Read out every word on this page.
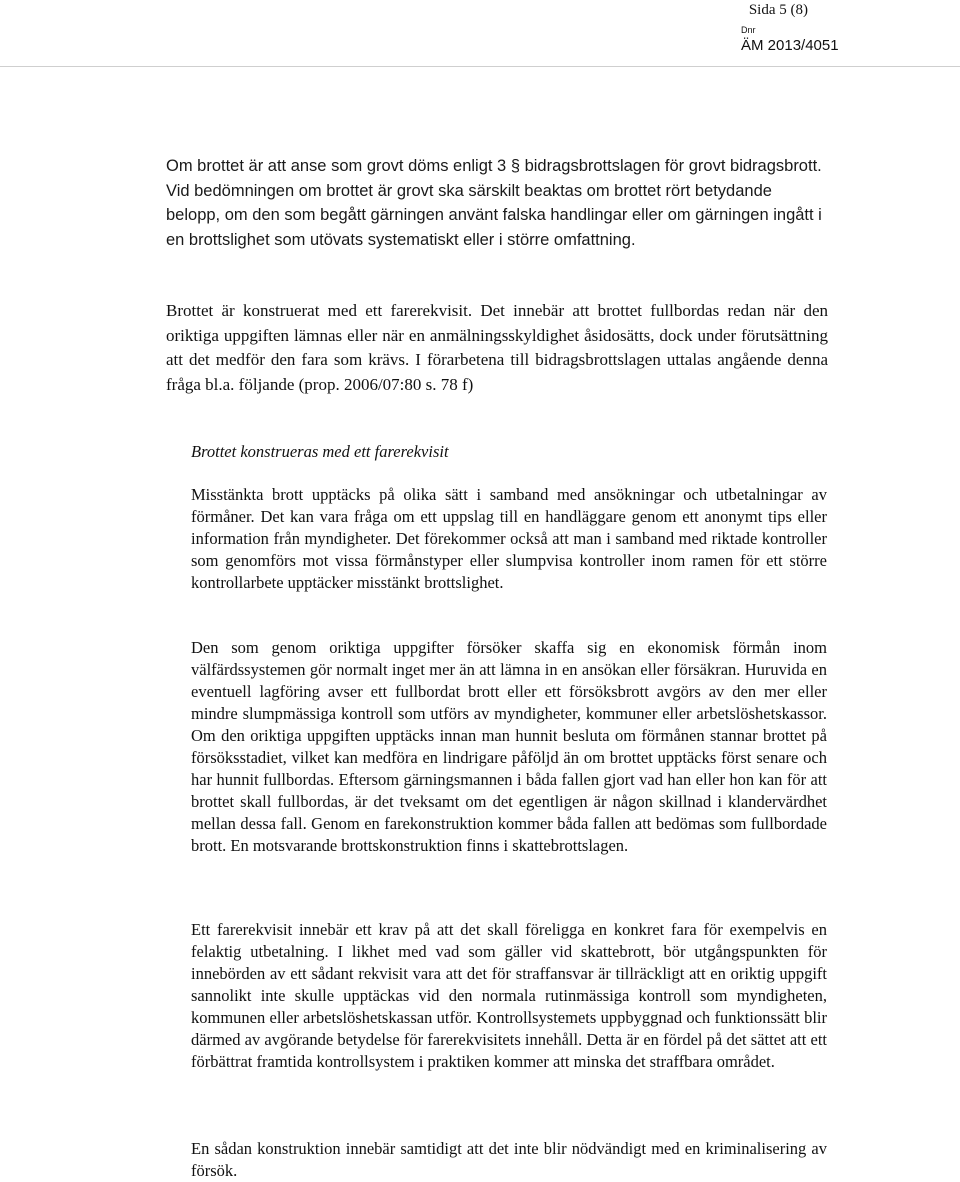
Sida 5 (8)
Dnr
ÄM 2013/4051

Om brottet är att anse som grovt döms enligt 3 § bidragsbrottslagen för grovt bidragsbrott. Vid bedömningen om brottet är grovt ska särskilt beaktas om brottet rört betydande belopp, om den som begått gärningen använt falska handlingar eller om gärningen ingått i en brottslighet som utövats systematiskt eller i större omfattning.

Brottet är konstruerat med ett farerekvisit. Det innebär att brottet fullbordas redan när den oriktiga uppgiften lämnas eller när en anmälningsskyldighet åsidosätts, dock under förutsättning att det medför den fara som krävs. I förarbetena till bidragsbrottslagen uttalas angående denna fråga bl.a. följande (prop. 2006/07:80 s. 78 f)

Brottet konstrueras med ett farerekvisit

Misstänkta brott upptäcks på olika sätt i samband med ansökningar och utbetalningar av förmåner. Det kan vara fråga om ett uppslag till en handläggare genom ett anonymt tips eller information från myndigheter. Det förekommer också att man i samband med riktade kontroller som genomförs mot vissa förmånstyper eller slumpvisa kontroller inom ramen för ett större kontrollarbete upptäcker misstänkt brottslighet.

Den som genom oriktiga uppgifter försöker skaffa sig en ekonomisk förmån inom välfärdssystemen gör normalt inget mer än att lämna in en ansökan eller försäkran. Huruvida en eventuell lagföring avser ett fullbordat brott eller ett försöksbrott avgörs av den mer eller mindre slumpmässiga kontroll som utförs av myndigheter, kommuner eller arbetslöshetskassor. Om den oriktiga uppgiften upptäcks innan man hunnit besluta om förmånen stannar brottet på försöksstadiet, vilket kan medföra en lindrigare påföljd än om brottet upptäcks först senare och har hunnit fullbordas. Eftersom gärningsmannen i båda fallen gjort vad han eller hon kan för att brottet skall fullbordas, är det tveksamt om det egentligen är någon skillnad i klandervärdhet mellan dessa fall. Genom en farekonstruktion kommer båda fallen att bedömas som fullbordade brott. En motsvarande brottskonstruktion finns i skattebrottslagen.

Ett farerekvisit innebär ett krav på att det skall föreligga en konkret fara för exempelvis en felaktig utbetalning. I likhet med vad som gäller vid skattebrott, bör utgångspunkten för innebörden av ett sådant rekvisit vara att det för straffansvar är tillräckligt att en oriktig uppgift sannolikt inte skulle upptäckas vid den normala rutinmässiga kontroll som myndigheten, kommunen eller arbetslöshetskassan utför. Kontrollsystemets uppbyggnad och funktionssätt blir därmed av avgörande betydelse för farerekvisitets innehåll. Detta är en fördel på det sättet att ett förbättrat framtida kontrollsystem i praktiken kommer att minska det straffbara området.

En sådan konstruktion innebär samtidigt att det inte blir nödvändigt med en kriminalisering av försök.
